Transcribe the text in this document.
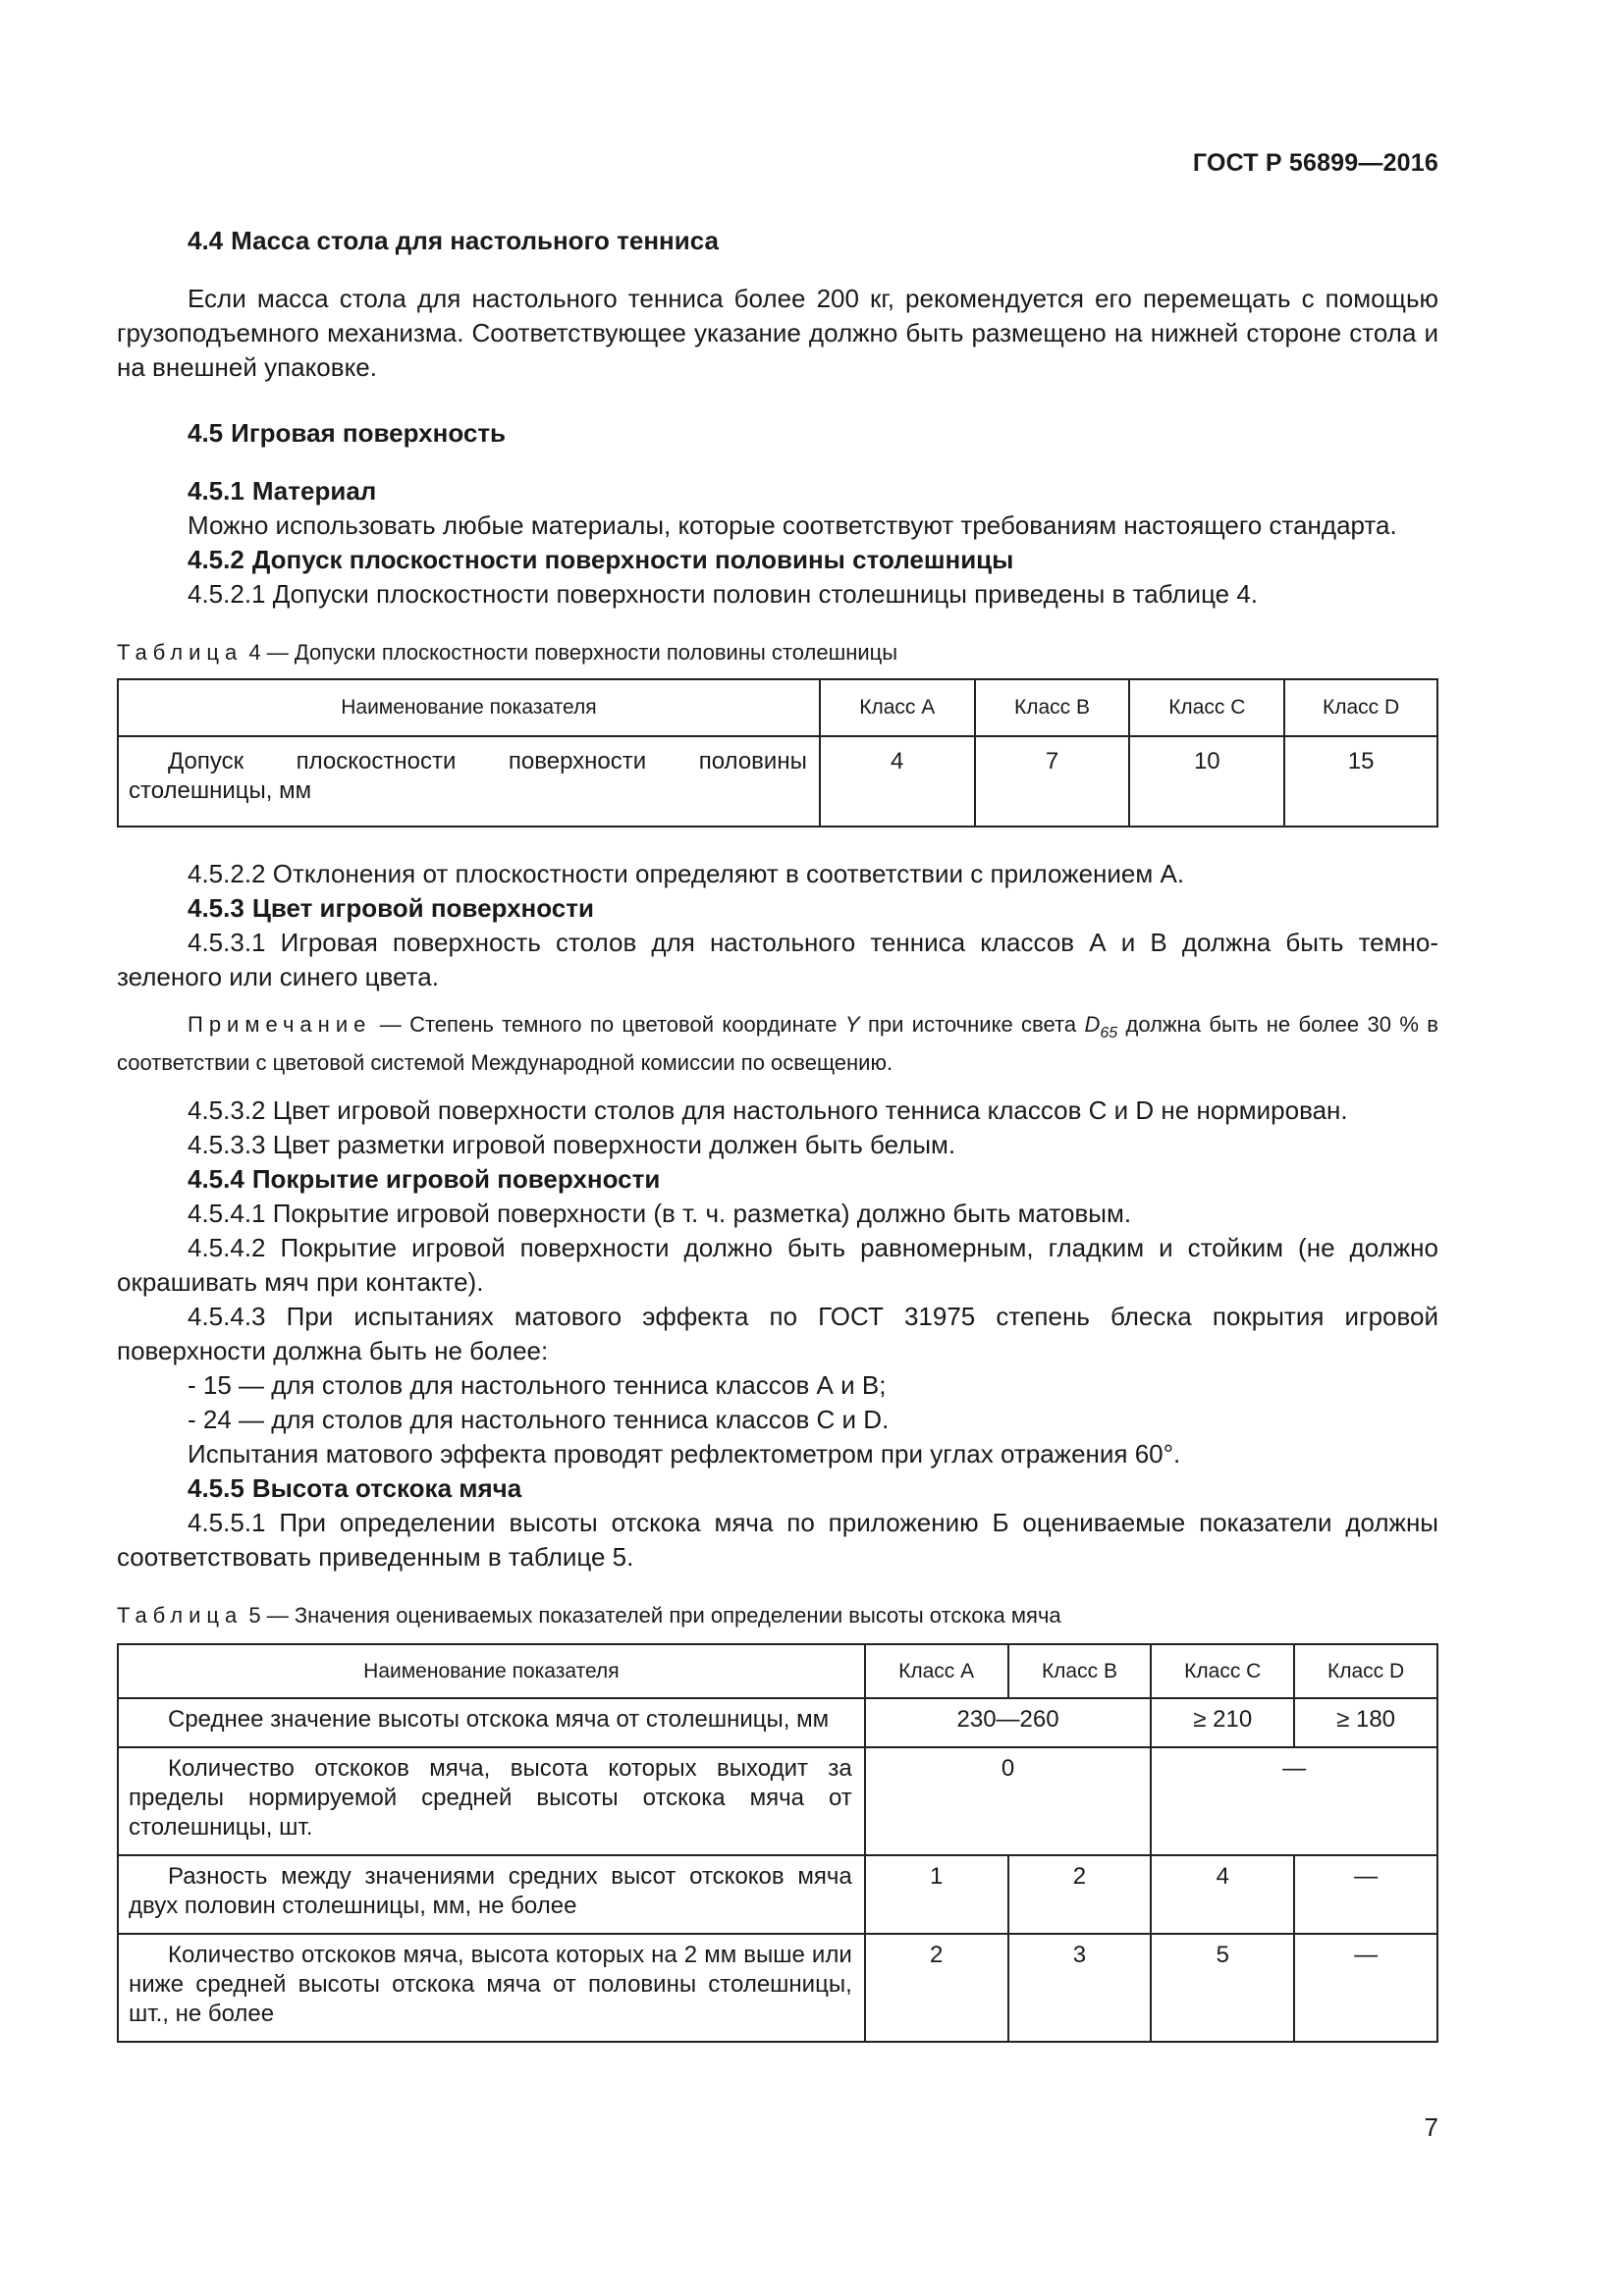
ГОСТ Р 56899—2016

4.4 Масса стола для настольного тенниса

Если масса стола для настольного тенниса более 200 кг, рекомендуется его перемещать с помощью грузоподъемного механизма. Соответствующее указание должно быть размещено на нижней стороне стола и на внешней упаковке.

4.5 Игровая поверхность

4.5.1 Материал

Можно использовать любые материалы, которые соответствуют требованиям настоящего стандарта.

4.5.2 Допуск плоскостности поверхности половины столешницы

4.5.2.1 Допуски плоскостности поверхности половин столешницы приведены в таблице 4.

Таблица 4 — Допуски плоскостности поверхности половины столешницы

Наименование показателя	Класс A	Класс B	Класс C	Класс D

Допуск плоскостности поверхности половины столешницы, мм	4	7	10	15

4.5.2.2 Отклонения от плоскостности определяют в соответствии с приложением А.

4.5.3 Цвет игровой поверхности

4.5.3.1 Игровая поверхность столов для настольного тенниса классов А и В должна быть темно-зеленого или синего цвета.

Примечание — Степень темного по цветовой координате Y при источнике света $D_{65}$ должна быть не более 30 % в соответствии с цветовой системой Международной комиссии по освещению.

4.5.3.2 Цвет игровой поверхности столов для настольного тенниса классов С и D не нормирован.

4.5.3.3 Цвет разметки игровой поверхности должен быть белым.

4.5.4 Покрытие игровой поверхности

4.5.4.1 Покрытие игровой поверхности (в т. ч. разметка) должно быть матовым.

4.5.4.2 Покрытие игровой поверхности должно быть равномерным, гладким и стойким (не должно окрашивать мяч при контакте).

4.5.4.3 При испытаниях матового эффекта по ГОСТ 31975 степень блеска покрытия игровой поверхности должна быть не более:

- 15 — для столов для настольного тенниса классов А и В;

- 24 — для столов для настольного тенниса классов С и D.

Испытания матового эффекта проводят рефлектометром при углах отражения 60°.

4.5.5 Высота отскока мяча

4.5.5.1 При определении высоты отскока мяча по приложению Б оцениваемые показатели должны соответствовать приведенным в таблице 5.

Таблица 5 — Значения оцениваемых показателей при определении высоты отскока мяча

Наименование показателя	Класс A	Класс B	Класс C	Класс D

Среднее значение высоты отскока мяча от столешницы, мм	230—260		≥ 210	≥ 180

Количество отскоков мяча, высота которых выходит за пределы нормируемой средней высоты отскока мяча от столешницы, шт.	0		—	

Разность между значениями средних высот отскоков мяча двух половин столешницы, мм, не более	1	2	4	—

Количество отскоков мяча, высота которых на 2 мм выше или ниже средней высоты отскока мяча от половины столешницы, шт., не более	2	3	5	—
7
